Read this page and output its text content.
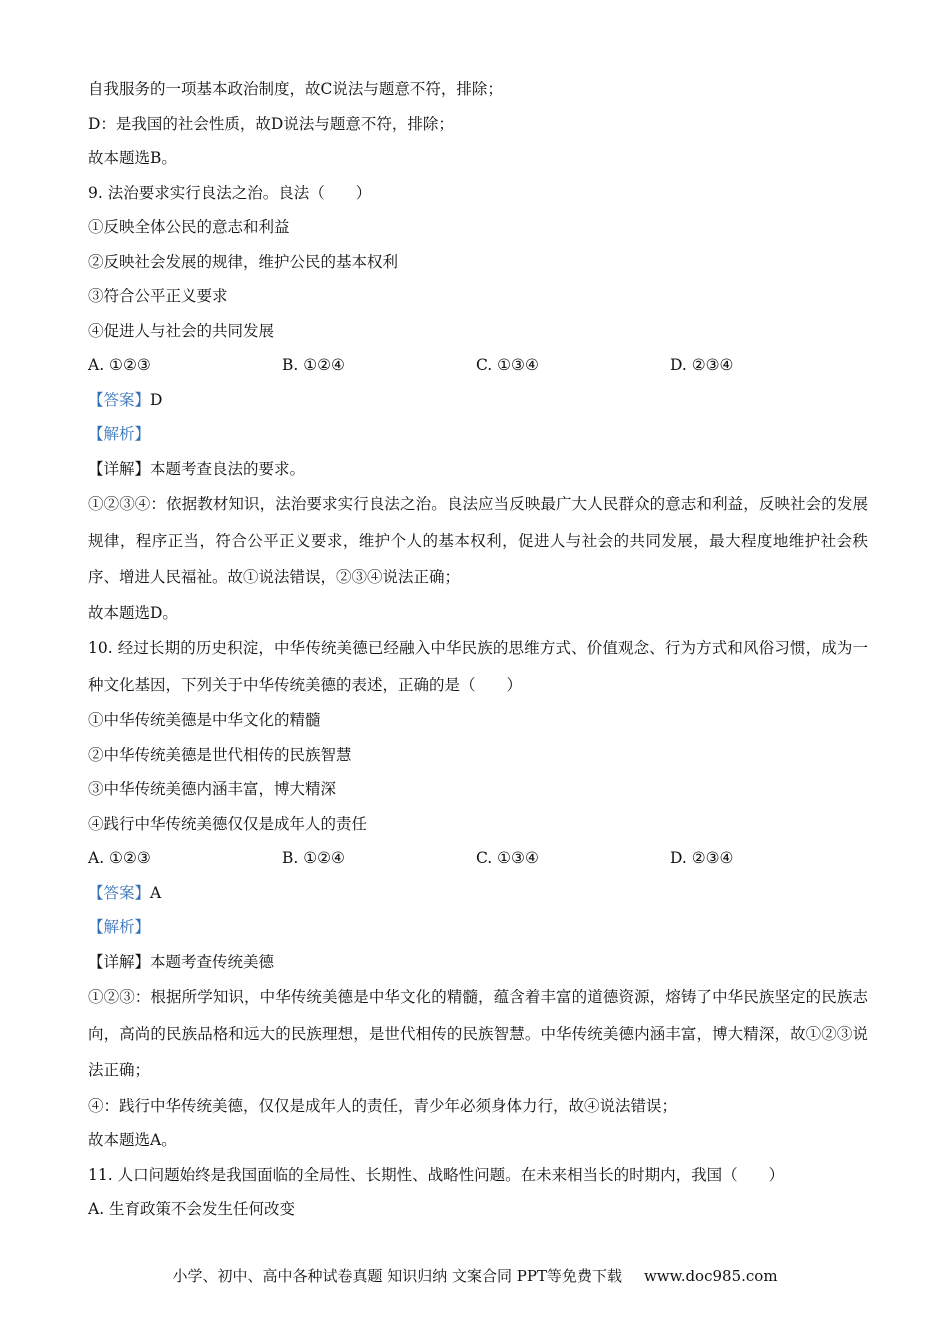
自我服务的一项基本政治制度，故C说法与题意不符，排除；
D：是我国的社会性质，故D说法与题意不符，排除；
故本题选B。
9. 法治要求实行良法之治。良法（　　）
①反映全体公民的意志和利益
②反映社会发展的规律，维护公民的基本权利
③符合公平正义要求
④促进人与社会的共同发展
A. ①②③	B. ①②④	C. ①③④	D. ②③④
【答案】D
【解析】
【详解】本题考查良法的要求。
①②③④：依据教材知识，法治要求实行良法之治。良法应当反映最广大人民群众的意志和利益，反映社会的发展规律，程序正当，符合公平正义要求，维护个人的基本权利，促进人与社会的共同发展，最大程度地维护社会秩序、增进人民福祉。故①说法错误，②③④说法正确；
故本题选D。
10. 经过长期的历史积淀，中华传统美德已经融入中华民族的思维方式、价值观念、行为方式和风俗习惯，成为一种文化基因，下列关于中华传统美德的表述，正确的是（　　）
①中华传统美德是中华文化的精髓
②中华传统美德是世代相传的民族智慧
③中华传统美德内涵丰富，博大精深
④践行中华传统美德仅仅是成年人的责任
A. ①②③	B. ①②④	C. ①③④	D. ②③④
【答案】A
【解析】
【详解】本题考查传统美德
①②③：根据所学知识，中华传统美德是中华文化的精髓，蕴含着丰富的道德资源，熔铸了中华民族坚定的民族志向，高尚的民族品格和远大的民族理想，是世代相传的民族智慧。中华传统美德内涵丰富，博大精深，故①②③说法正确；
④：践行中华传统美德，仅仅是成年人的责任，青少年必须身体力行，故④说法错误；
故本题选A。
11. 人口问题始终是我国面临的全局性、长期性、战略性问题。在未来相当长的时期内，我国（　　）
A. 生育政策不会发生任何改变
小学、初中、高中各种试卷真题 知识归纳 文案合同 PPT等免费下载 www.doc985.com
